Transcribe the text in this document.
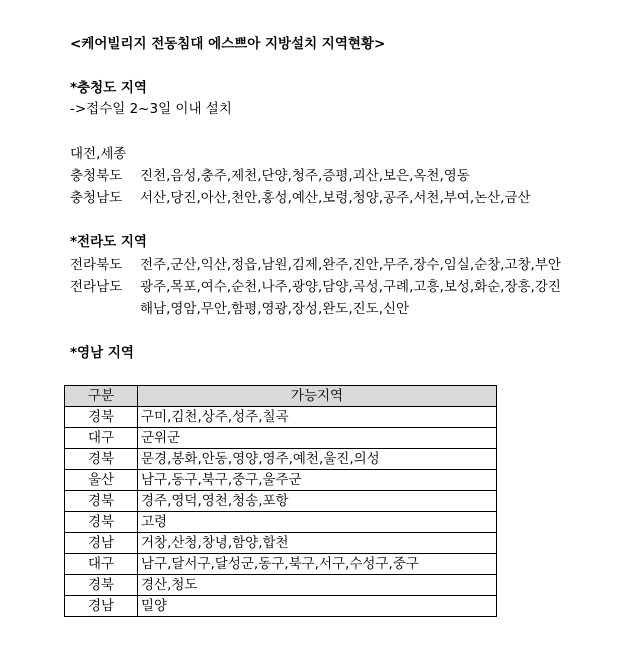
<케어빌리지 전동침대 에스쁘아 지방설치 지역현황>
*충청도 지역
->접수일 2~3일 이내 설치
대전,세종
충청북도 진천,음성,충주,제천,단양,청주,증평,괴산,보은,옥천,영동
충청남도 서산,당진,아산,천안,홍성,예산,보령,청양,공주,서천,부여,논산,금산
*전라도 지역
전라북도 전주,군산,익산,정읍,남원,김제,완주,진안,무주,장수,임실,순창,고창,부안
전라남도 광주,목포,여수,순천,나주,광양,담양,곡성,구례,고흥,보성,화순,장흥,강진
해남,영암,무안,함평,영광,장성,완도,진도,신안
*영남 지역
구분	가능지역
경북	구미,김천,상주,성주,칠곡
대구	군위군
경북	문경,봉화,안동,영양,영주,예천,울진,의성
울산	남구,동구,북구,중구,울주군
경북	경주,영덕,영천,청송,포항
경북	고령
경남	거창,산청,창녕,함양,합천
대구	남구,달서구,달성군,동구,북구,서구,수성구,중구
경북	경산,청도
경남	밀양
